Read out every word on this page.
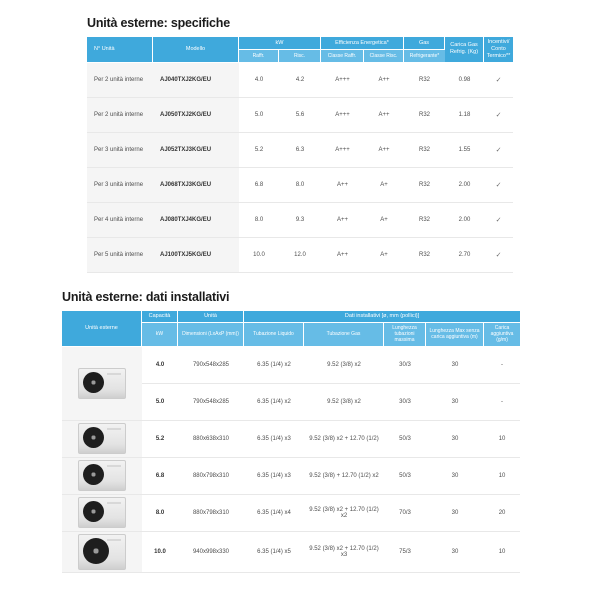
Unità esterne: specifiche
N° Unità	Modello	kW		Efficienza Energetica*		Gas	Carica Gas Refrig. (Kg)	Incentivi/ Conto Termico**
		Raffr.	Risc.	Classe Raffr.	Classe Risc.	Refrigerante*		
Per 2 unità interne	AJ040TXJ2KG/EU	4.0	4.2	A+++	A++	R32	0.98	✓
Per 2 unità interne	AJ050TXJ2KG/EU	5.0	5.6	A+++	A++	R32	1.18	✓
Per 3 unità interne	AJ052TXJ3KG/EU	5.2	6.3	A+++	A++	R32	1.55	✓
Per 3 unità interne	AJ068TXJ3KG/EU	6.8	8.0	A++	A+	R32	2.00	✓
Per 4 unità interne	AJ080TXJ4KG/EU	8.0	9.3	A++	A+	R32	2.00	✓
Per 5 unità interne	AJ100TXJ5KG/EU	10.0	12.0	A++	A+	R32	2.70	✓
Unità esterne: dati installativi
Unità esterne	Capacità	Unità	Dati installativi [ø, mm (pollici)]				
	kW	Dimensioni (LxAxP (mm))	Tubazione Liquido	Tubazione Gas	Lunghezza tubazioni massima	Lunghezza Max senza carica aggiuntiva (m)	Carica aggiuntiva (g/m)

	4.0	790x548x285	6.35 (1/4) x2	9.52 (3/8) x2	30/3	30	-
	5.0	790x548x285	6.35 (1/4) x2	9.52 (3/8) x2	30/3	30	-

	5.2	880x638x310	6.35 (1/4) x3	9.52 (3/8) x2 + 12.70 (1/2)	50/3	30	10

	6.8	880x798x310	6.35 (1/4) x3	9.52 (3/8) + 12.70 (1/2) x2	50/3	30	10

	8.0	880x798x310	6.35 (1/4) x4	9.52 (3/8) x2 + 12.70 (1/2) x2	70/3	30	20

	10.0	940x998x330	6.35 (1/4) x5	9.52 (3/8) x2 + 12.70 (1/2) x3	75/3	30	10
